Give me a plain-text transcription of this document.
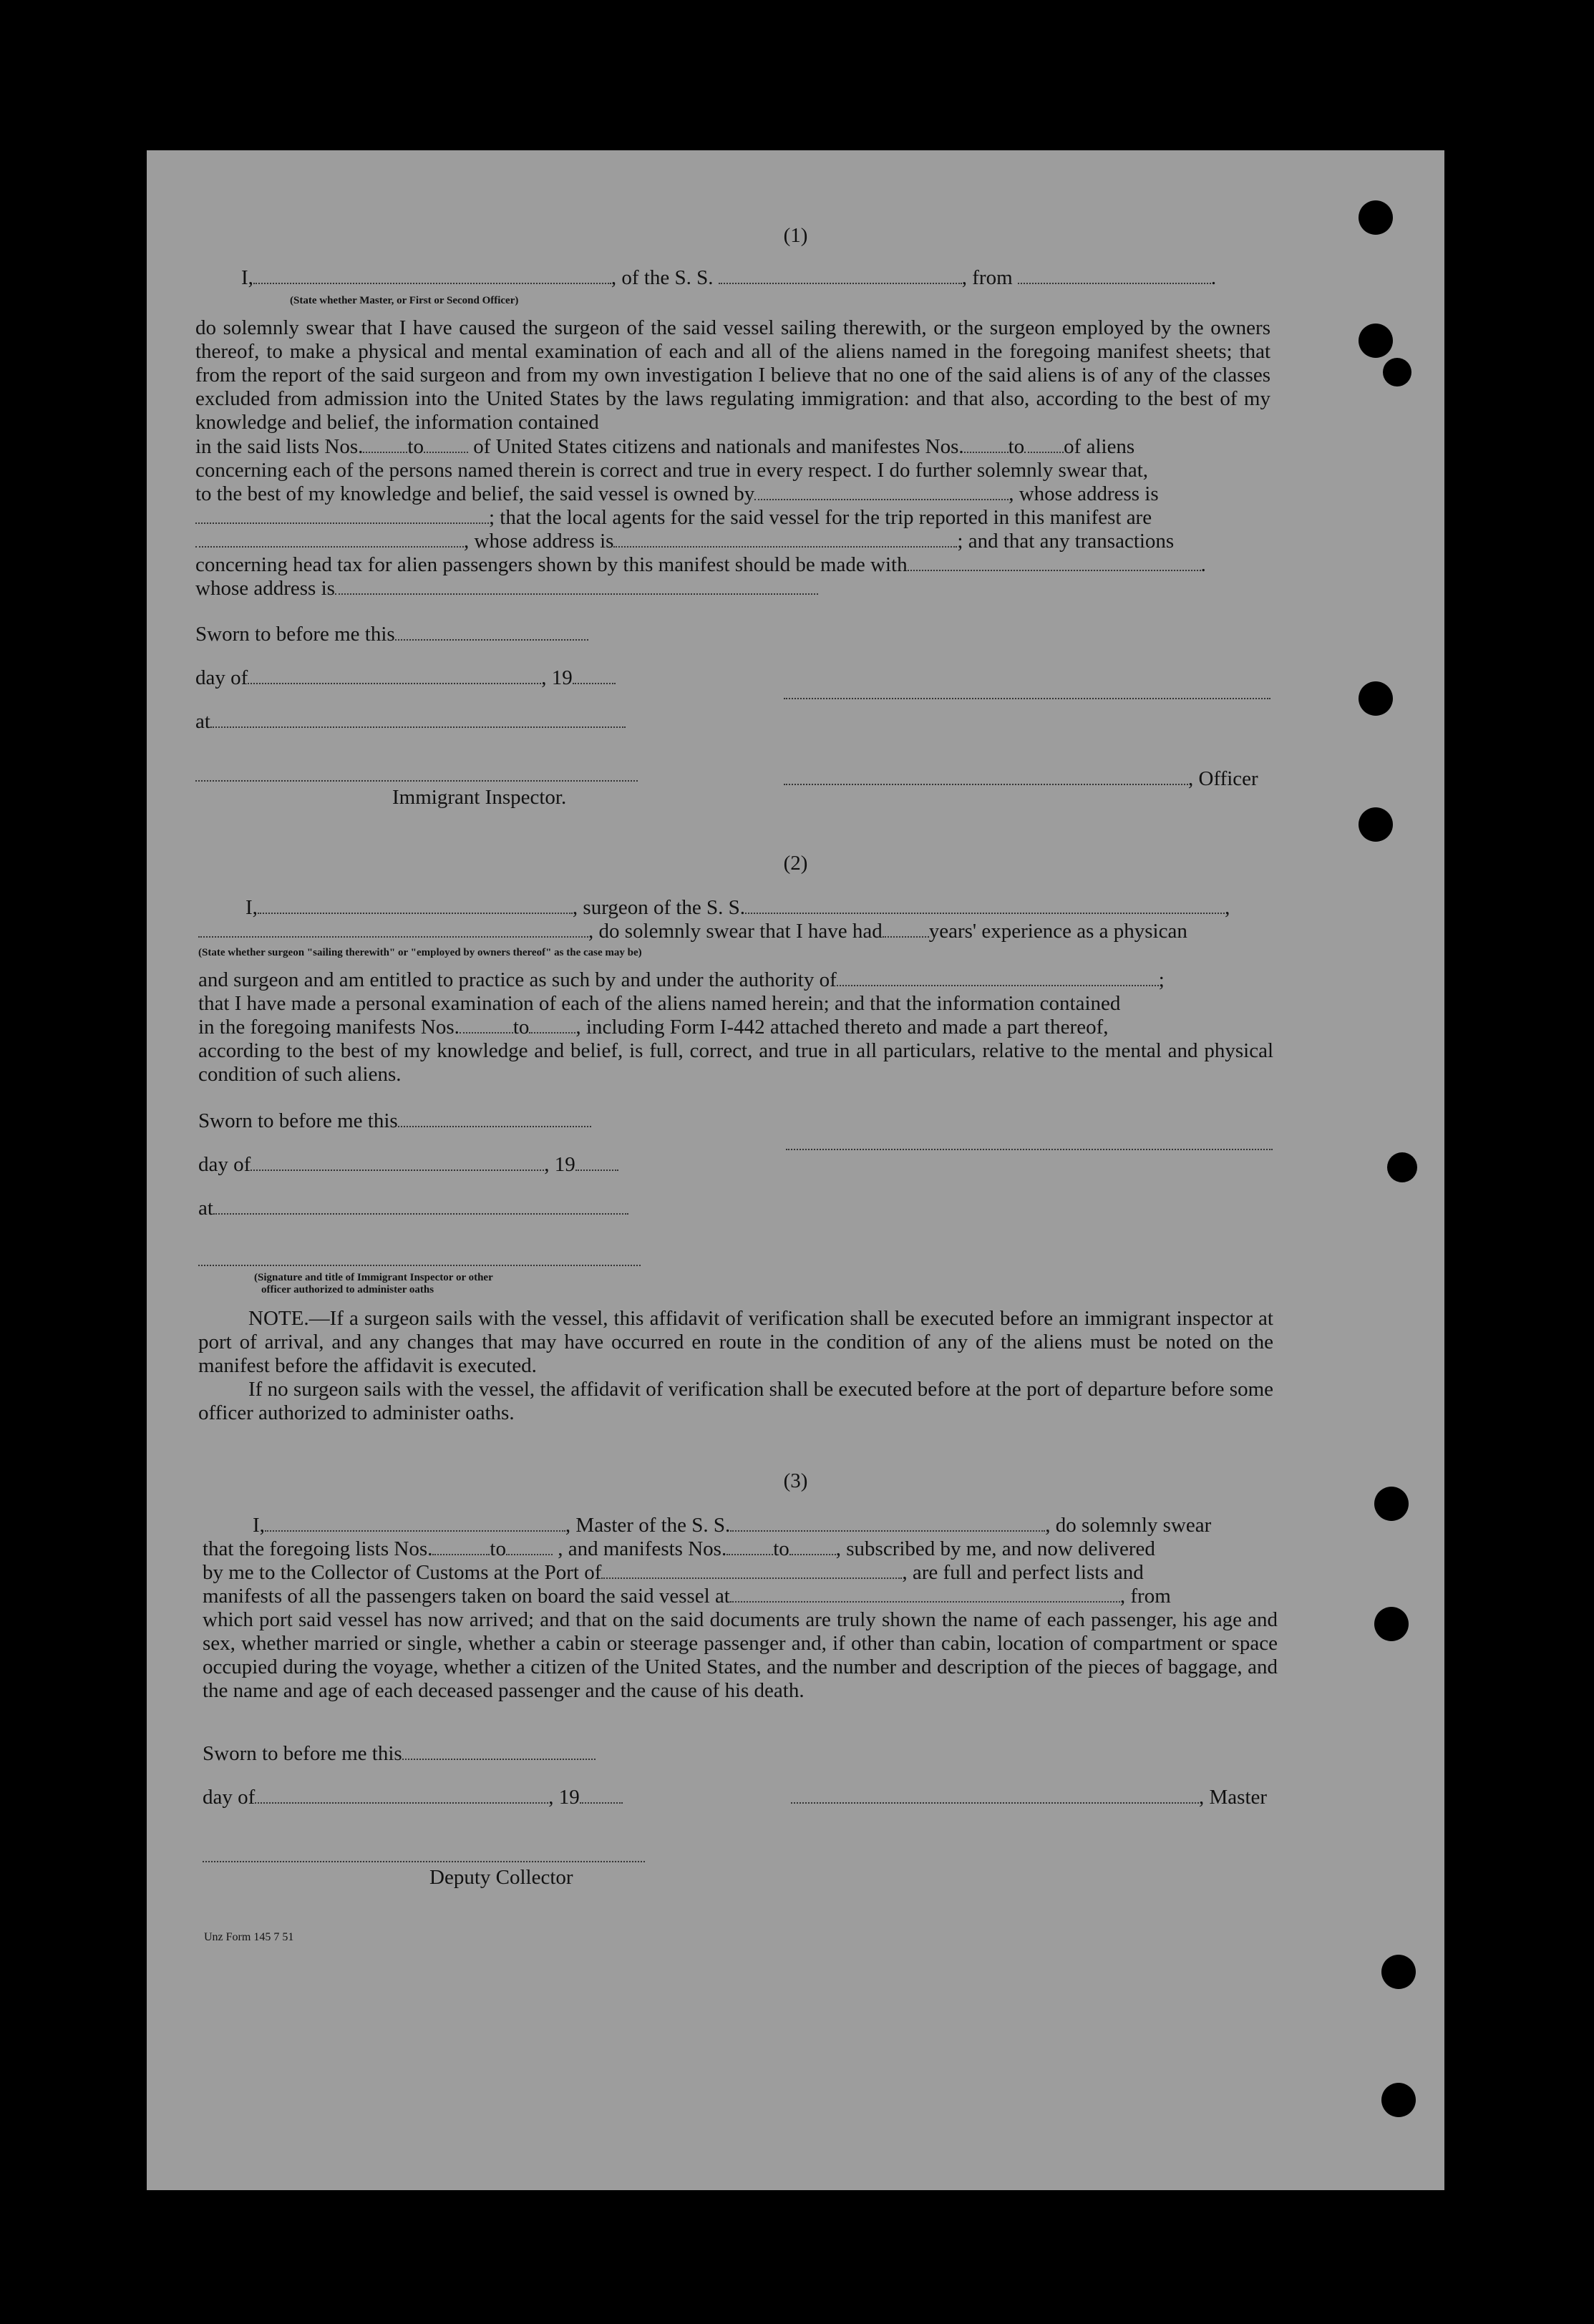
(1)
I,	, of the S. S.	, from	.
(State whether Master, or First or Second Officer)

do solemnly swear that I have caused the surgeon of the said vessel sailing therewith, or the surgeon employed by the owners thereof, to make a physical and mental examination of each and all of the aliens named in the foregoing manifest sheets; that from the report of the said surgeon and from my own investigation I believe that no one of the said aliens is of any of the classes excluded from admission into the United States by the laws regulating immigration: and that also, according to the best of my knowledge and belief, the information contained

in the said lists Nos. to of United States citizens and nationals and manifestes Nos. to of aliens
concerning each of the persons named therein is correct and true in every respect. I do further solemnly swear that,
to the best of my knowledge and belief, the said vessel is owned by	, whose address is
; that the local agents for the said vessel for the trip reported in this manifest are
, whose address is	; and that any transactions
concerning head tax for alien passengers shown by this manifest should be made with	.
whose address is
Sworn to before me this
day of	, 19
at
, Officer
Immigrant Inspector.
(2)
I,	, surgeon of the S. S.	,
, do solemnly swear that I have had years' experience as a physican
(State whether surgeon "sailing therewith" or "employed by owners thereof" as the case may be)
and surgeon and am entitled to practice as such by and under the authority of	;
that I have made a personal examination of each of the aliens named herein; and that the information contained
in the foregoing manifests Nos.	to , including Form I-442 attached thereto and made a part thereof,

according to the best of my knowledge and belief, is full, correct, and true in all particulars, relative to the mental and physical condition of such aliens.

Sworn to before me this
day of	, 19
at
(Signature and title of Immigrant Inspector or other
officer authorized to administer oaths

NOTE.—If a surgeon sails with the vessel, this affidavit of verification shall be executed before an immigrant inspector at port of arrival, and any changes that may have occurred en route in the condition of any of the aliens must be noted on the manifest before the affidavit is executed.

If no surgeon sails with the vessel, the affidavit of verification shall be executed before at the port of departure before some officer authorized to administer oaths.

(3)
I,	, Master of the S. S.	, do solemnly swear
that the foregoing lists Nos.	to , and manifests Nos. to , subscribed by me, and now delivered
by me to the Collector of Customs at the Port of	, are full and perfect lists and
manifests of all the passengers taken on board the said vessel at	, from

which port said vessel has now arrived; and that on the said documents are truly shown the name of each passenger, his age and sex, whether married or single, whether a cabin or steerage passenger and, if other than cabin, location of compartment or space occupied during the voyage, whether a citizen of the United States, and the number and description of the pieces of baggage, and the name and age of each deceased passenger and the cause of his death.

Sworn to before me this
day of	, 19	, Master
Deputy Collector
Unz Form 145 7 51
